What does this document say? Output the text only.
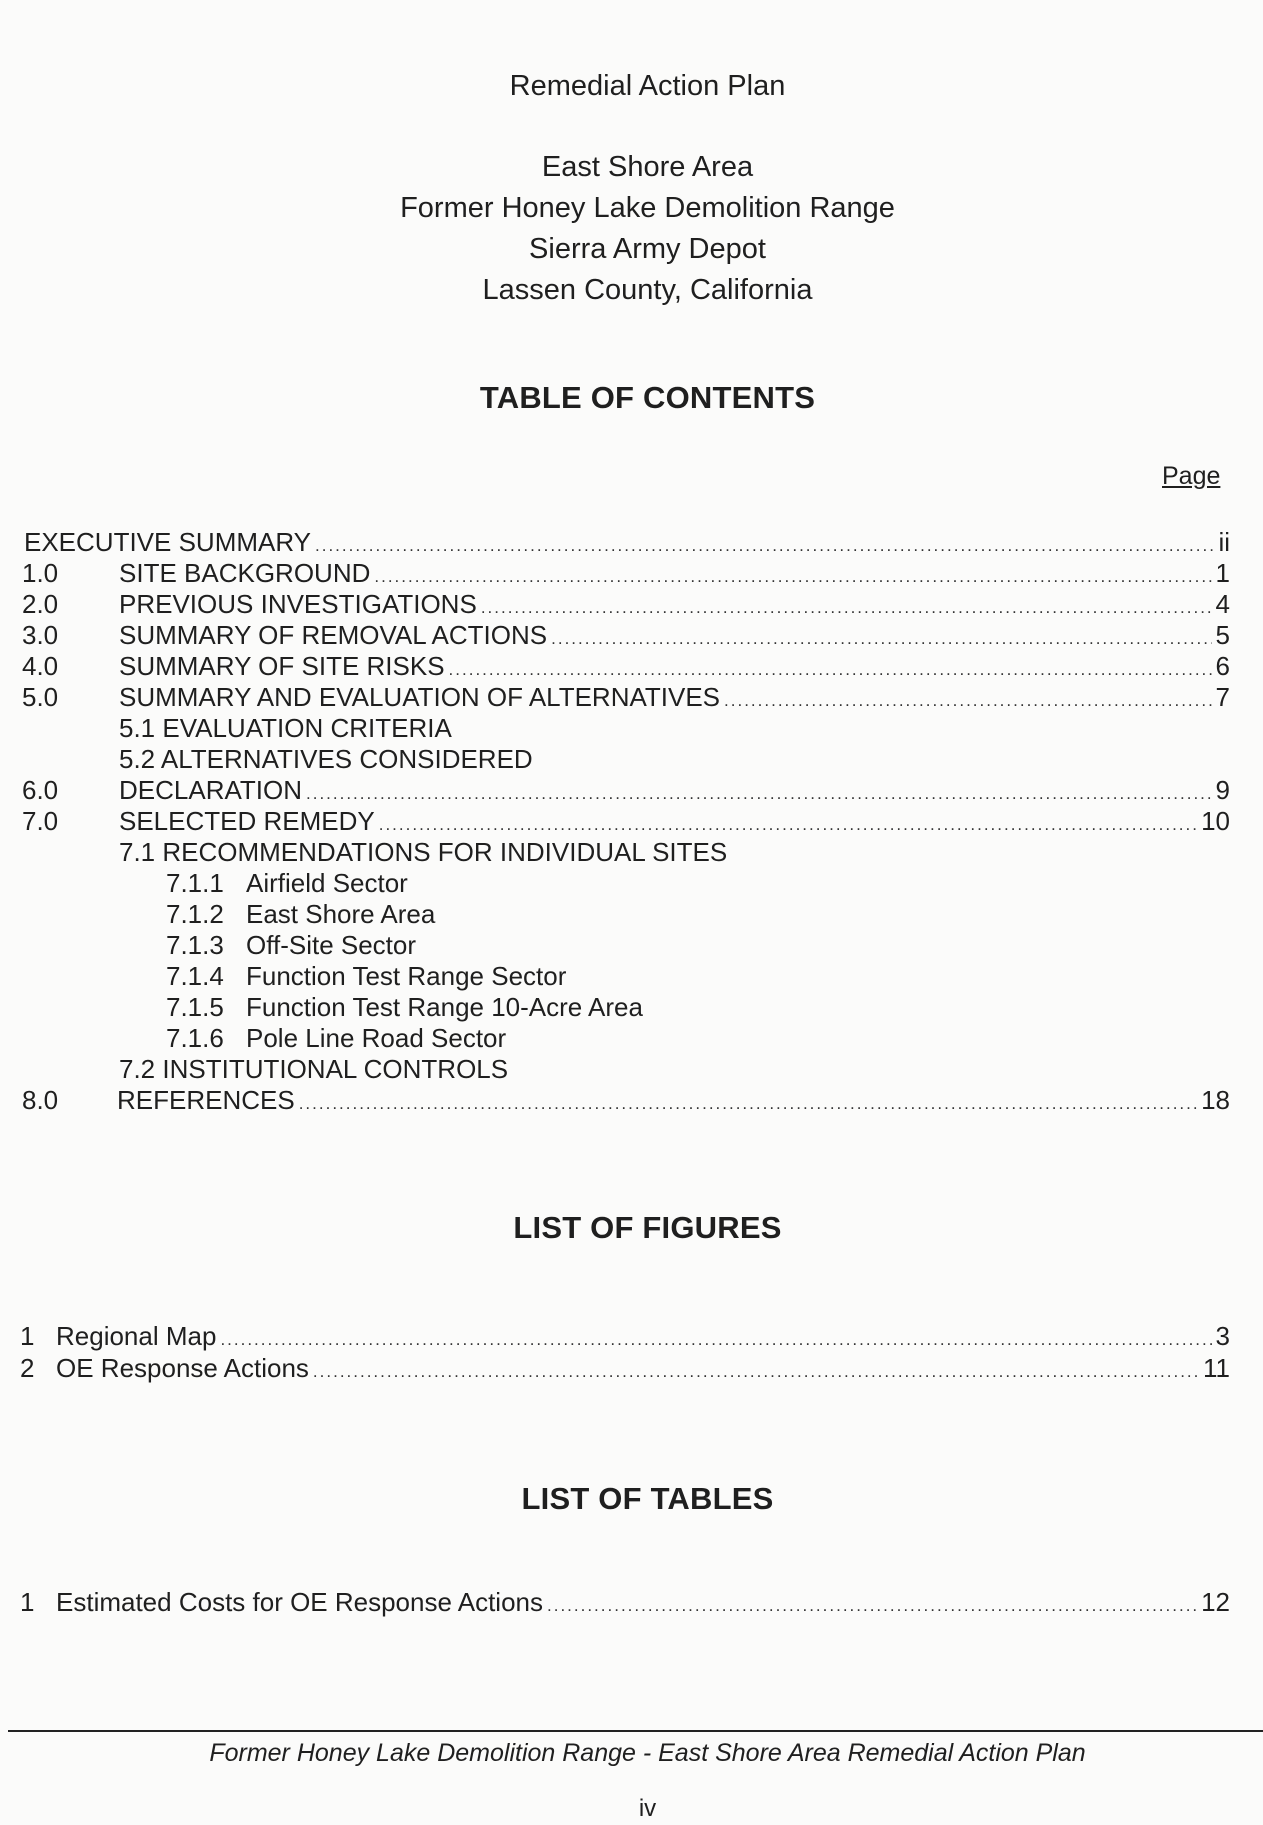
Remedial Action Plan
East Shore Area
Former Honey Lake Demolition Range
Sierra Army Depot
Lassen County, California
TABLE OF CONTENTS
Page
EXECUTIVE SUMMARY .....	ii
1.0	SITE BACKGROUND .....	1
2.0	PREVIOUS INVESTIGATIONS .....	4
3.0	SUMMARY OF REMOVAL ACTIONS .....	5
4.0	SUMMARY OF SITE RISKS .....	6
5.0	SUMMARY AND EVALUATION OF ALTERNATIVES .....	7
5.1 EVALUATION CRITERIA
5.2 ALTERNATIVES CONSIDERED
6.0	DECLARATION .....	9
7.0	SELECTED REMEDY .....	10
7.1 RECOMMENDATIONS FOR INDIVIDUAL SITES
7.1.1 Airfield Sector
7.1.2 East Shore Area
7.1.3 Off-Site Sector
7.1.4 Function Test Range Sector
7.1.5 Function Test Range 10-Acre Area
7.1.6 Pole Line Road Sector
7.2 INSTITUTIONAL CONTROLS
8.0	REFERENCES .....	18
LIST OF FIGURES
1 Regional Map .....	3
2 OE Response Actions .....	11
LIST OF TABLES
1 Estimated Costs for OE Response Actions .....	12
Former Honey Lake Demolition Range - East Shore Area Remedial Action Plan
iv
